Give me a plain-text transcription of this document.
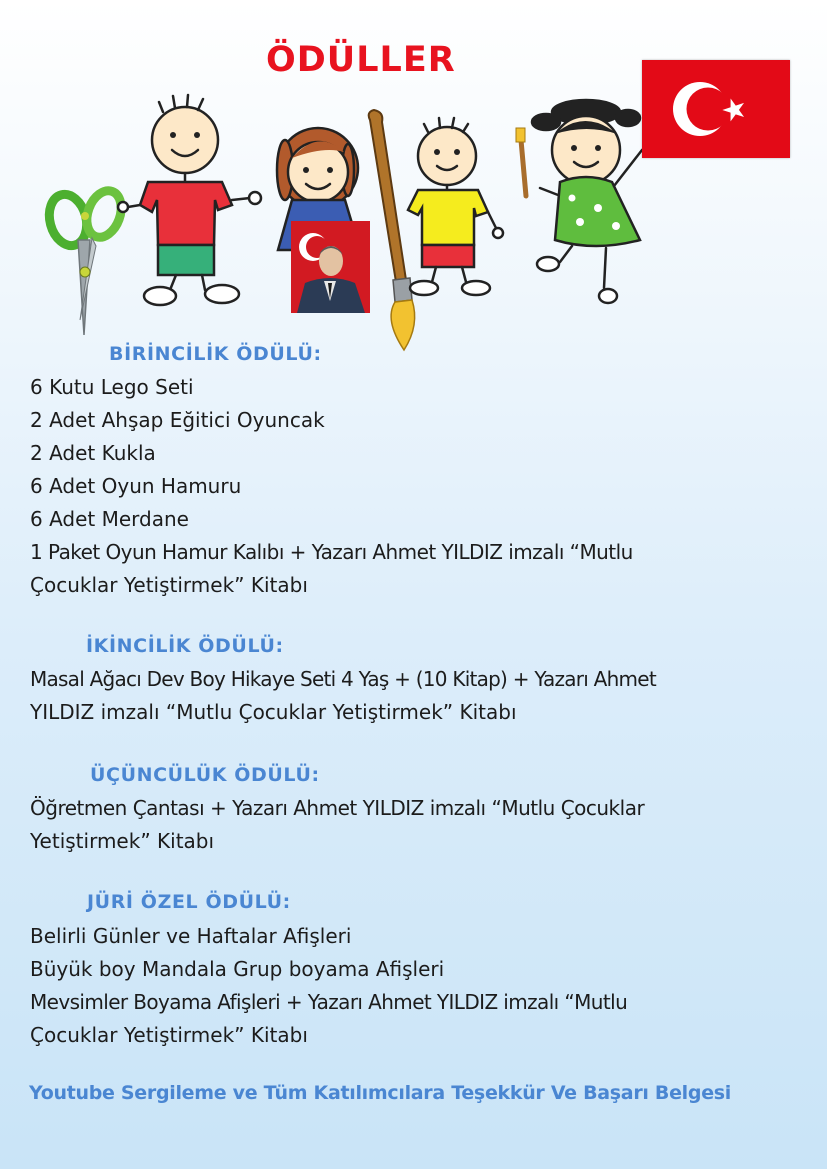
ÖDÜLLER
BİRİNCİLİK ÖDÜLÜ:

6 Kutu Lego Seti

2 Adet Ahşap Eğitici Oyuncak

2 Adet Kukla

6 Adet Oyun Hamuru

6 Adet Merdane

1 Paket Oyun Hamur Kalıbı + Yazarı Ahmet YILDIZ imzalı “Mutlu

Çocuklar Yetiştirmek” Kitabı

İKİNCİLİK ÖDÜLÜ:

Masal Ağacı Dev Boy Hikaye Seti 4 Yaş + (10 Kitap) + Yazarı Ahmet

YILDIZ imzalı “Mutlu Çocuklar Yetiştirmek” Kitabı

ÜÇÜNCÜLÜK ÖDÜLÜ:

Öğretmen Çantası + Yazarı Ahmet YILDIZ imzalı “Mutlu Çocuklar

Yetiştirmek” Kitabı

JÜRİ ÖZEL ÖDÜLÜ:

Belirli Günler ve Haftalar Afişleri

Büyük boy Mandala Grup boyama Afişleri

Mevsimler Boyama Afişleri + Yazarı Ahmet YILDIZ imzalı “Mutlu

Çocuklar Yetiştirmek” Kitabı

Youtube Sergileme ve Tüm Katılımcılara Teşekkür Ve Başarı Belgesi
